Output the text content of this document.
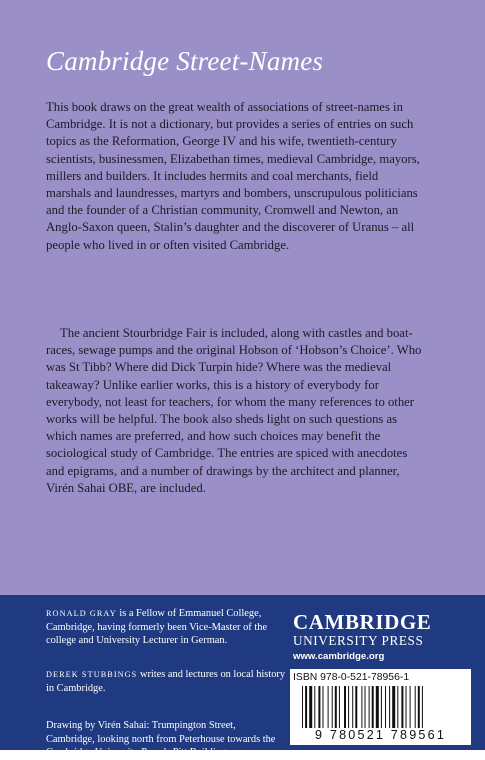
Cambridge Street-Names

This book draws on the great wealth of associations of street-names in Cambridge. It is not a dictionary, but provides a series of entries on such topics as the Reformation, George IV and his wife, twentieth-century scientists, businessmen, Elizabethan times, medieval Cambridge, mayors, millers and builders. It includes hermits and coal merchants, field marshals and laundresses, martyrs and bombers, unscrupulous politicians and the founder of a Christian community, Cromwell and Newton, an Anglo-Saxon queen, Stalin’s daughter and the discoverer of Uranus – all people who lived in or often visited Cambridge.

The ancient Stourbridge Fair is included, along with castles and boat-races, sewage pumps and the original Hobson of ‘Hobson’s Choice’. Who was St Tibb? Where did Dick Turpin hide? Where was the medieval takeaway? Unlike earlier works, this is a history of everybody for everybody, not least for teachers, for whom the many references to other works will be helpful. The book also sheds light on such questions as which names are preferred, and how such choices may benefit the sociological study of Cambridge. The entries are spiced with anecdotes and epigrams, and a number of drawings by the architect and planner, Virén Sahai OBE, are included.

RONALD GRAY is a Fellow of Emmanuel College, Cambridge, having formerly been Vice-Master of the college and University Lecturer in German.

DEREK STUBBINGS writes and lectures on local history in Cambridge.

Drawing by Virén Sahai: Trumpington Street, Cambridge, looking north from Peterhouse towards the Cambridge University Press’s Pitt Building.

CAMBRIDGE

UNIVERSITY PRESS

www.cambridge.org

ISBN 978-0-521-78956-1

9 780521 789561
